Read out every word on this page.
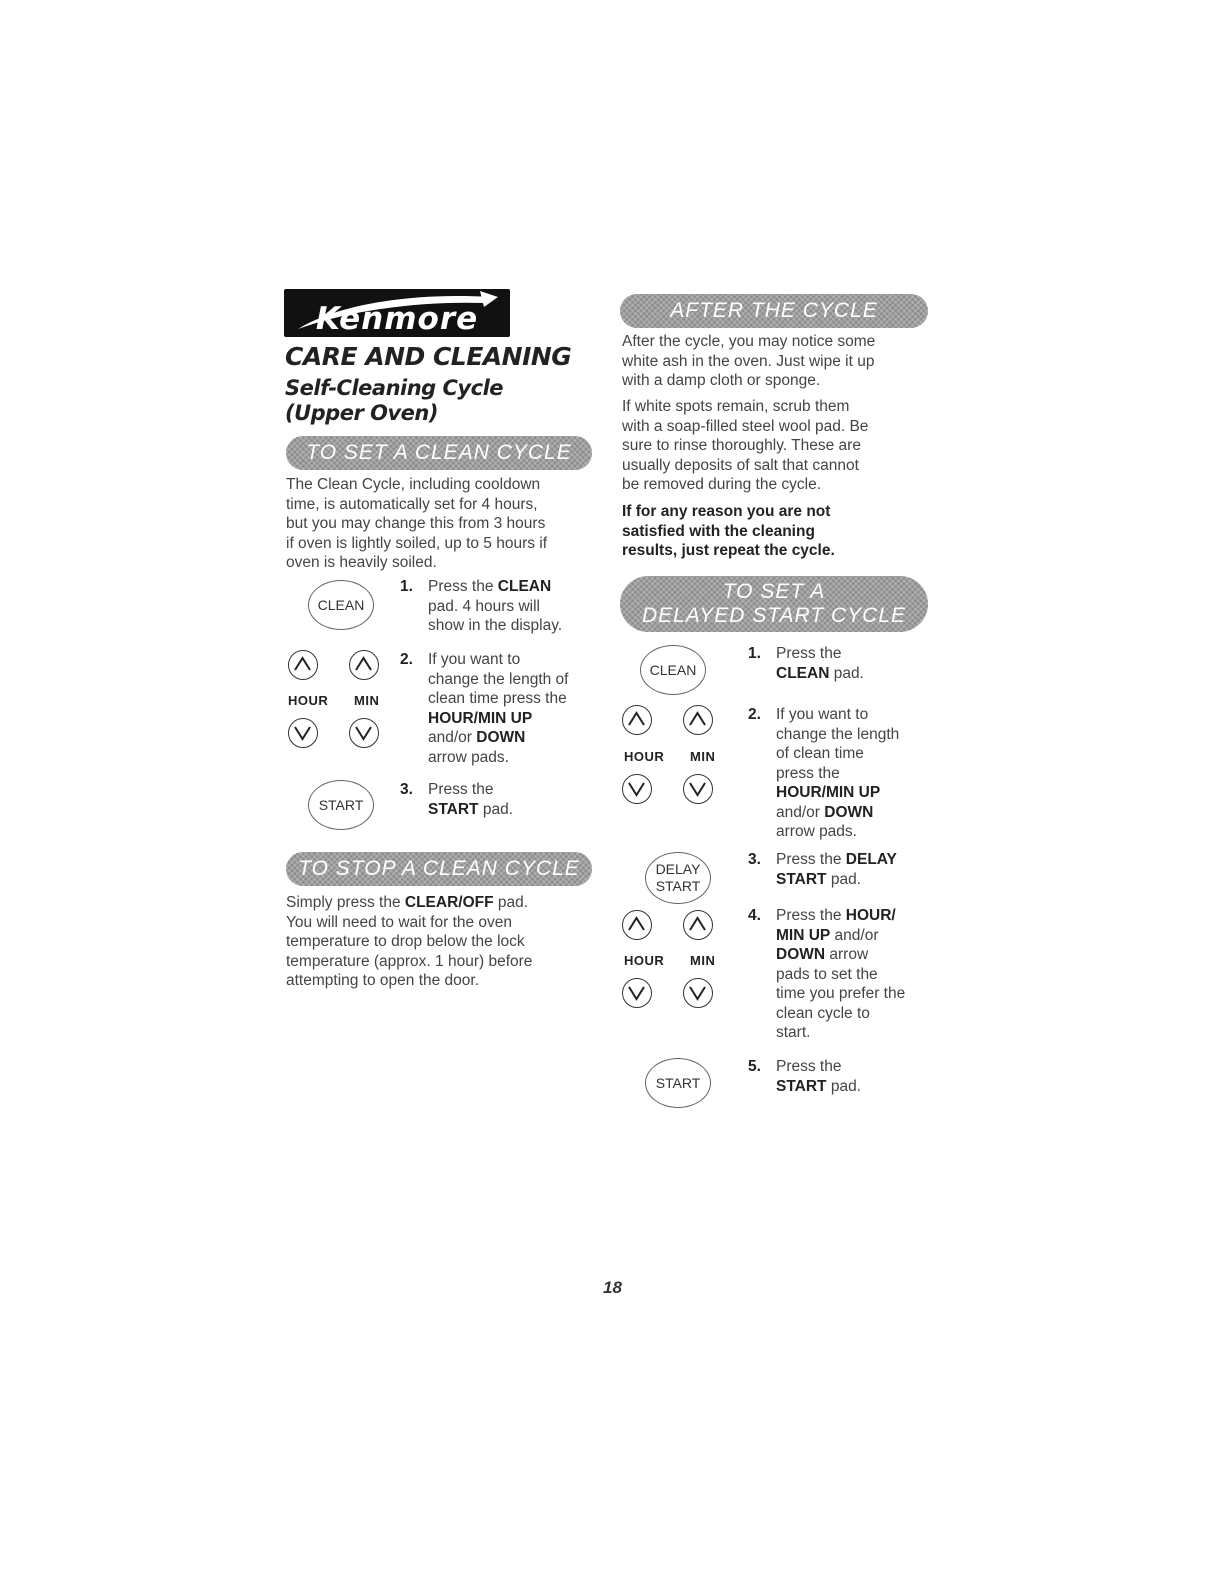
Kenmore
CARE AND CLEANING
Self-Cleaning Cycle
(Upper Oven)
TO SET A CLEAN CYCLE
The Clean Cycle, including cooldown
time, is automatically set for 4 hours,
but you may change this from 3 hours
if oven is lightly soiled, up to 5 hours if
oven is heavily soiled.
CLEAN
1. Press the CLEAN
pad. 4 hours will
show in the display.
HOUR MIN
2. If you want to
change the length of
clean time press the
HOUR/MIN UP
and/or DOWN
arrow pads.
START
3. Press the
START pad.
TO STOP A CLEAN CYCLE
Simply press the CLEAR/OFF pad.
You will need to wait for the oven
temperature to drop below the lock
temperature (approx. 1 hour) before
attempting to open the door.
AFTER THE CYCLE
After the cycle, you may notice some
white ash in the oven. Just wipe it up
with a damp cloth or sponge.
If white spots remain, scrub them
with a soap-filled steel wool pad. Be
sure to rinse thoroughly. These are
usually deposits of salt that cannot
be removed during the cycle.
If for any reason you are not
satisfied with the cleaning
results, just repeat the cycle.
TO SET A
DELAYED START CYCLE
CLEAN
1. Press the
CLEAN pad.
HOUR MIN
2. If you want to
change the length
of clean time
press the
HOUR/MIN UP
and/or DOWN
arrow pads.
DELAY
START
3. Press the DELAY
START pad.
HOUR MIN
4. Press the HOUR/
MIN UP and/or
DOWN arrow
pads to set the
time you prefer the
clean cycle to
start.
START
5. Press the
START pad.
18
